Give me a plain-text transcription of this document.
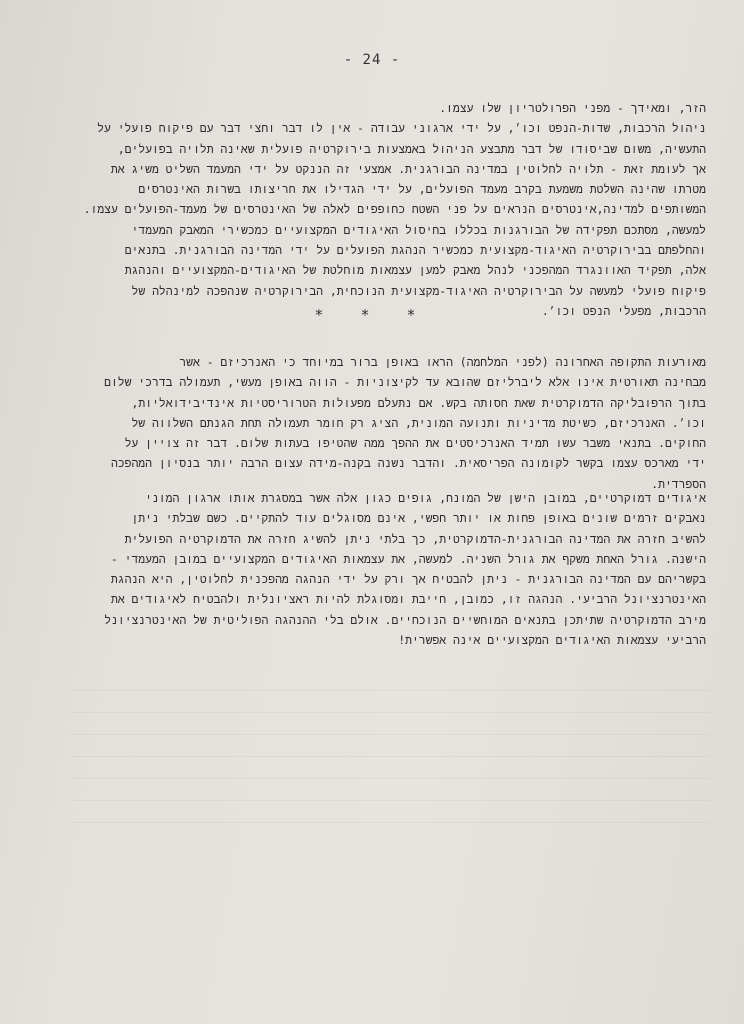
- 24 -
הזר, ומאידך - מפני הפרולטריון שלו עצמו.
ניהול הרכבות, שדות-הנפט וכו׳, על ידי ארגוני עבודה - אין לו דבר וחצי דבר עם פיקוח פועלי על
התעשיה, משום שביסודו של דבר מתבצע הניהול באמצעות בירוקרטיה פועלית שאינה תלויה בפועלים,
אך לעומת זאת - תלויה לחלוטין במדינה הבורגנית. אמצעי זה הננקט על ידי המעמד השליט משיג את
מטרתו שהינה השלטת משמעת בקרב מעמד הפועלים, על ידי הגדילו את חריצותו בשרות האינטרסים
המשותפים למדינה,אינטרסים הנראים על פני השטח כחופפים לאלה של האינטרסים של מעמד-הפועלים עצמו.
למעשה, מסתכם תפקידה של הבורגנות בכללו בחיסול האיגודים המקצועיים כמכשירי המאבק המעמדי
והחלפתם בבירוקרטיה האיגוד-מקצועית כמכשיר הנהגת הפועלים על ידי המדינה הבורגנית. בתנאים
אלה, תפקיד האוונגרד המהפכני לנהל מאבק למען עצמאות מוחלטת של האיגודים-המקצועיים והנהגת
פיקוח פועלי למעשה על הבירוקרטיה האיגוד-מקצועית הנוכחית, הבירוקרטיה שנהפכה למינהלה של
הרכבות, מפעלי הנפט וכו׳.
* * *
מאורעות התקופה האחרונה (לפני המלחמה) הראו באופן ברור במיוחד כי האנרכיזם - אשר
מבחינה תאורטית אינו אלא ליברליזם שהובא עד לקיצוניות - הווה באופן מעשי, תעמולה בדרכי שלום
בתוך הרפובליקה הדמוקרטית שאת חסותה בקש. אם נתעלם מפעולות הטרוריסטיות אינדיבידואליות,
וכו׳. האנרכיזם, כשיטת מדיניות ותנועה המונית, הציג רק חומר תעמולה תחת הגנתם השלווה של
החוקים. בתנאי משבר עשו תמיד האנרכיסטים את ההפך ממה שהטיפו בעתות שלום. דבר זה צויין על
ידי מארכס עצמו בקשר לקומונה הפריסאית. והדבר נשנה בקנה-מידה עצום הרבה יותר בנסיון המהפכה
הספרדית.
איגודים דמוקרטיים, במובן הישן של המונח, גופים כגון אלה אשר במסגרת אותו ארגון המוני
נאבקים זרמים שונים באופן פחות או יותר חפשי, אינם מסוגלים עוד להתקיים. כשם שבלתי ניתן
להשיב חזרה את המדינה הבורגנית-הדמוקרטית, כך בלתי ניתן להשיג חזרה את הדמוקרטיה הפועלית
הישנה. גורל האחת משקף את גורל השניה. למעשה, את עצמאות האיגודים המקצועיים במובן המעמדי -
בקשריהם עם המדינה הבורגנית - ניתן להבטיח אך ורק על ידי הנהגה מהפכנית לחלוטין, היא הנהגת
האינטרנציונל הרביעי. הנהגה זו, כמובן, חייבת ומסוגלת להיות ראציונלית ולהבטיח לאיגודים את
מירב הדמוקרטיה שתיתכן בתנאים המוחשיים הנוכחיים. אולם בלי ההנהגה הפוליטית של האינטרנציונל
הרביעי עצמאות האיגודים המקצועיים אינה אפשרית!
